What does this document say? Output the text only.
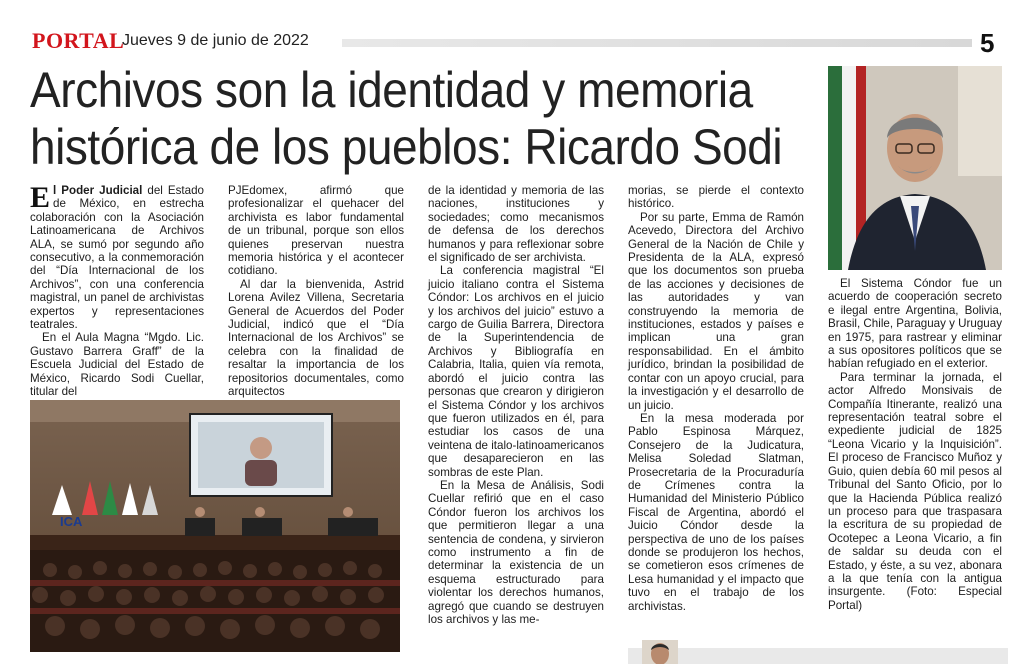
PORTAL
Jueves 9 de junio de 2022	5
Archivos son la identidad y memoria
histórica de los pueblos: Ricardo Sodi

El Poder Judicial del Estado de México, en estrecha colaboración con la Asociación Latinoamericana de Archivos ALA, se sumó por segundo año consecutivo, a la conmemoración del “Día Internacional de los Archivos”, con una conferencia magistral, un panel de archivistas expertos y representaciones teatrales.

En el Aula Magna “Mgdo. Lic. Gustavo Barrera Graff” de la Escuela Judicial del Estado de México, Ricardo Sodi Cuellar, titular del

PJEdomex, afirmó que profesionalizar el quehacer del archivista es labor fundamental de un tribunal, porque son ellos quienes preservan nuestra memoria histórica y el acontecer cotidiano.

Al dar la bienvenida, Astrid Lorena Avilez Villena, Secretaria General de Acuerdos del Poder Judicial, indicó que el “Día Internacional de los Archivos” se celebra con la finalidad de resaltar la importancia de los repositorios documentales, como arquitectos

ICA

de la identidad y memoria de las naciones, instituciones y sociedades; como mecanismos de defensa de los derechos humanos y para reflexionar sobre el significado de ser archivista.

La conferencia magistral “El juicio italiano contra el Sistema Cóndor: Los archivos en el juicio y los archivos del juicio” estuvo a cargo de Guilia Barrera, Directora de la Superintendencia de Archivos y Bibliografía en Calabria, Italia, quien vía remota, abordó el juicio contra las personas que crearon y dirigieron el Sistema Cóndor y los archivos que fueron utilizados en él, para estudiar los casos de una veintena de italo-latinoamericanos que desaparecieron en las sombras de este Plan.

En la Mesa de Análisis, Sodi Cuellar refirió que en el caso Cóndor fueron los archivos los que permitieron llegar a una sentencia de condena, y sirvieron como instrumento a fin de determinar la existencia de un esquema estructurado para violentar los derechos humanos, agregó que cuando se destruyen los archivos y las me-

morias, se pierde el contexto histórico.

Por su parte, Emma de Ramón Acevedo, Directora del Archivo General de la Nación de Chile y Presidenta de la ALA, expresó que los documentos son prueba de las acciones y decisiones de las autoridades y van construyendo la memoria de instituciones, estados y países e implican una gran responsabilidad. En el ámbito jurídico, brindan la posibilidad de contar con un apoyo crucial, para la investigación y el desarrollo de un juicio.

En la mesa moderada por Pablo Espinosa Márquez, Consejero de la Judicatura, Melisa Soledad Slatman, Prosecretaria de la Procuraduría de Crímenes contra la Humanidad del Ministerio Público Fiscal de Argentina, abordó el Juicio Cóndor desde la perspectiva de uno de los países donde se produjeron los hechos, se cometieron esos crímenes de Lesa humanidad y el impacto que tuvo en el trabajo de los archivistas.

El Sistema Cóndor fue un acuerdo de cooperación secreto e ilegal entre Argentina, Bolivia, Brasil, Chile, Paraguay y Uruguay en 1975, para rastrear y eliminar a sus opositores políticos que se habían refugiado en el exterior.

Para terminar la jornada, el actor Alfredo Monsivais de Compañía Itinerante, realizó una representación teatral sobre el expediente judicial de 1825 “Leona Vicario y la Inquisición”. El proceso de Francisco Muñoz y Guio, quien debía 60 mil pesos al Tribunal del Santo Oficio, por lo que la Hacienda Pública realizó un proceso para que traspasara la escritura de su propiedad de Ocotepec a Leona Vicario, a fin de saldar su deuda con el Estado, y éste, a su vez, abonara a la que tenía con la antigua insurgente. (Foto: Especial Portal)
